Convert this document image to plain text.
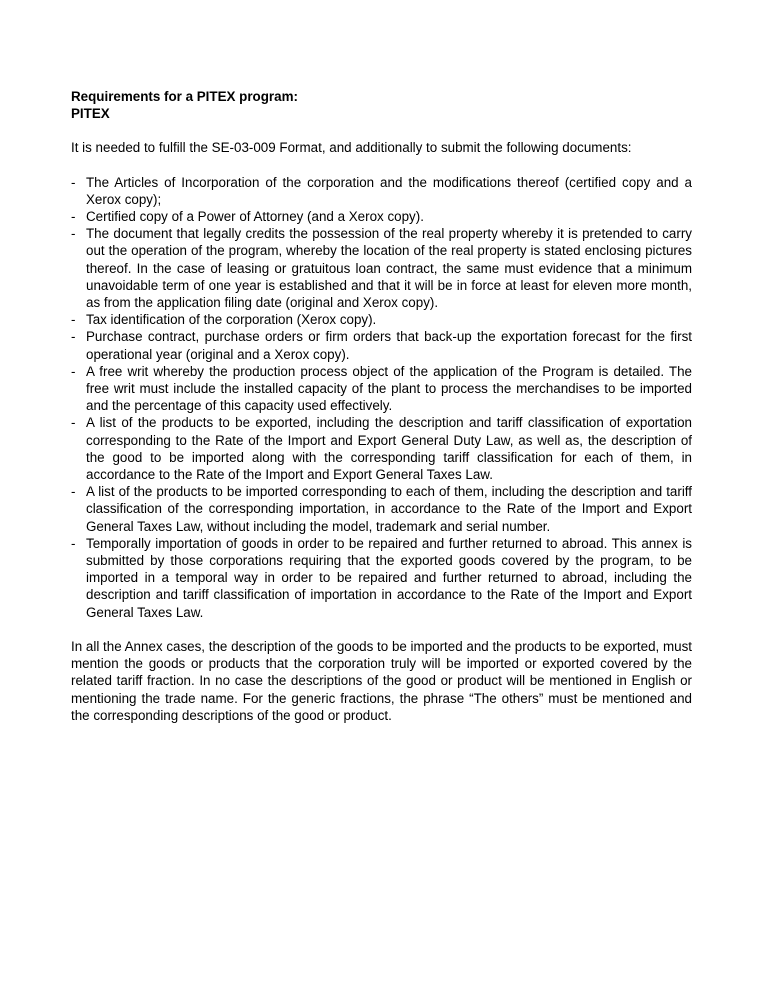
Requirements for a PITEX program:

PITEX

It is needed to fulfill the SE-03-009 Format, and additionally to submit the following documents:

- The Articles of Incorporation of the corporation and the modifications thereof (certified copy and a Xerox copy);
- Certified copy of a Power of Attorney (and a Xerox copy).
- The document that legally credits the possession of the real property whereby it is pretended to carry out the operation of the program, whereby the location of the real property is stated enclosing pictures thereof. In the case of leasing or gratuitous loan contract, the same must evidence that a minimum unavoidable term of one year is established and that it will be in force at least for eleven more month, as from the application filing date (original and Xerox copy).
- Tax identification of the corporation (Xerox copy).
- Purchase contract, purchase orders or firm orders that back-up the exportation forecast for the first operational year (original and a Xerox copy).
- A free writ whereby the production process object of the application of the Program is detailed. The free writ must include the installed capacity of the plant to process the merchandises to be imported and the percentage of this capacity used effectively.
- A list of the products to be exported, including the description and tariff classification of exportation corresponding to the Rate of the Import and Export General Duty Law, as well as, the description of the good to be imported along with the corresponding tariff classification for each of them, in accordance to the Rate of the Import and Export General Taxes Law.
- A list of the products to be imported corresponding to each of them, including the description and tariff classification of the corresponding importation, in accordance to the Rate of the Import and Export General Taxes Law, without including the model, trademark and serial number.
- Temporally importation of goods in order to be repaired and further returned to abroad. This annex is submitted by those corporations requiring that the exported goods covered by the program, to be imported in a temporal way in order to be repaired and further returned to abroad, including the description and tariff classification of importation in accordance to the Rate of the Import and Export General Taxes Law.

In all the Annex cases, the description of the goods to be imported and the products to be exported, must mention the goods or products that the corporation truly will be imported or exported covered by the related tariff fraction. In no case the descriptions of the good or product will be mentioned in English or mentioning the trade name. For the generic fractions, the phrase “The others” must be mentioned and the corresponding descriptions of the good or product.
